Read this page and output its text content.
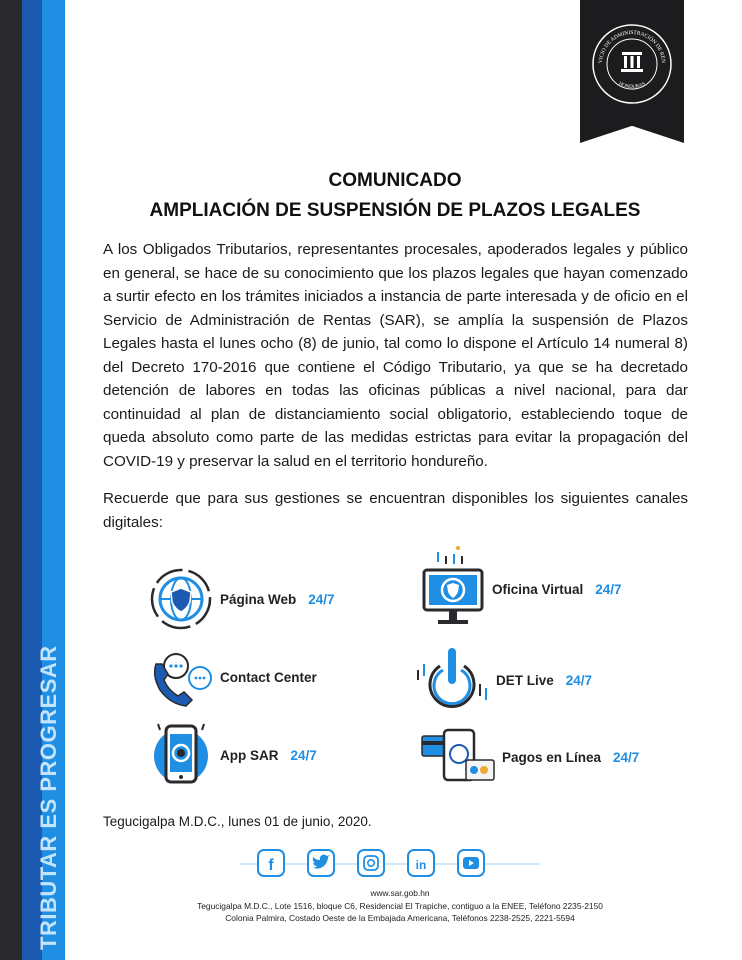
TRIBUTAR ES PROGRESAR
VICIO DE ADMINISTRACIÓN DE REN
HONDURAS
COMUNICADO
AMPLIACIÓN DE SUSPENSIÓN DE PLAZOS LEGALES
A los Obligados Tributarios, representantes procesales, apoderados legales y público en general, se hace de su conocimiento que los plazos legales que hayan comenzado a surtir efecto en los trámites iniciados a instancia de parte interesada y de oficio en el Servicio de Administración de Rentas (SAR), se amplía la suspensión de Plazos Legales hasta el lunes ocho (8) de junio, tal como lo dispone el Artículo 14 numeral 8) del Decreto 170-2016 que contiene el Código Tributario, ya que se ha decretado detención de labores en todas las oficinas públicas a nivel nacional, para dar continuidad al plan de distanciamiento social obligatorio, estableciendo toque de queda absoluto como parte de las medidas estrictas para evitar la propagación del COVID-19 y preservar la salud en el territorio hondureño.
Recuerde que para sus gestiones se encuentran disponibles los siguientes canales digitales:
Página Web 24/7
Oficina Virtual 24/7
Contact Center	DET Live 24/7
App SAR 24/7	Pagos en Línea 24/7
Tegucigalpa M.D.C., lunes 01 de junio, 2020.
f	in
www.sar.gob.hn
Tegucigalpa M.D.C., Lote 1516, bloque C6, Residencial El Trapiche, contiguo a la ENEE, Teléfono 2235-2150
Colonia Palmira, Costado Oeste de la Embajada Americana, Teléfonos 2238-2525, 2221-5594
